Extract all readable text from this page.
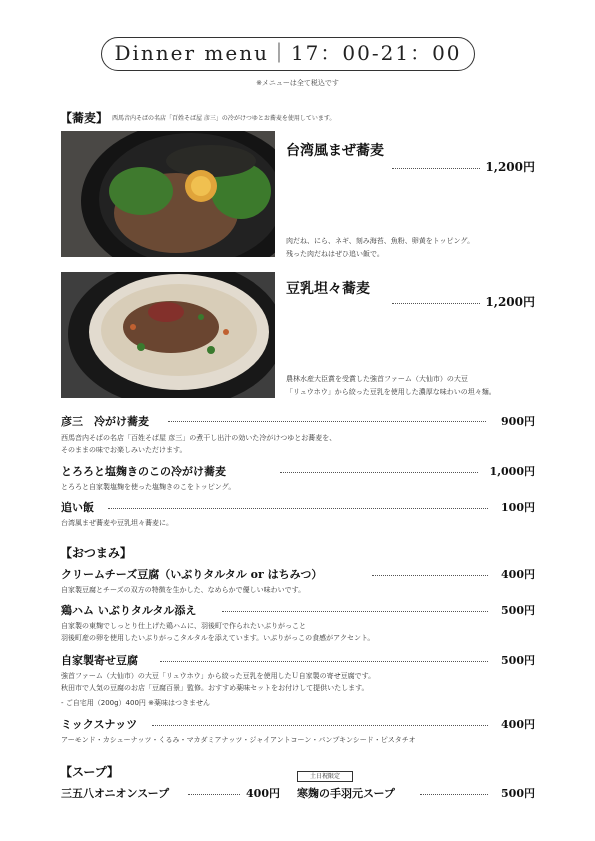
Dinner menu｜17：00-21：00
※メニューは全て税込です
【蕎麦】 西馬音内そばの名店「百姓そば屋 彦三」の冷がけつゆとお蕎麦を使用しています。
台湾風まぜ蕎麦
1,200円
肉だね、にら、ネギ、刻み海苔、魚粉、卵黄をトッピング。
残った肉だねはぜひ追い飯で。
豆乳坦々蕎麦
1,200円
農林水産大臣賞を受賞した強首ファーム（大仙市）の大豆
「リュウホウ」から絞った豆乳を使用した濃厚な味わいの坦々麺。
彦三　冷がけ蕎麦	900円
西馬音内そばの名店「百姓そば屋 彦三」の煮干し出汁の効いた冷がけつゆとお蕎麦を、
そのままの味でお楽しみいただけます。
とろろと塩麹きのこの冷がけ蕎麦	1,000円
とろろと自家製塩麹を使った塩麹きのこをトッピング。
追い飯	100円
台湾風まぜ蕎麦や豆乳坦々蕎麦に。
【おつまみ】
クリームチーズ豆腐（いぶりタルタル or はちみつ）	400円
自家製豆腐とチーズの双方の特徴を生かした、なめらかで優しい味わいです。
鶏ハム いぶりタルタル添え	500円
自家製の東麹でしっとり仕上げた鶏ハムに、羽後町で作られたいぶりがっこと
羽後町産の卵を使用したいぶりがっこタルタルを添えています。いぶりがっこの食感がアクセント。
自家製寄せ豆腐	500円
強首ファーム（大仙市）の大豆「リュウホウ」から絞った豆乳を使用したＵ自家製の寄せ豆腐です。
秋田市で人気の豆腐のお店「豆腐百景」監修。おすすめ薬味セットをお付けして提供いたします。
- ご自宅用（200g）400円 ※薬味はつきません
ミックスナッツ	400円
アーモンド・カシューナッツ・くるみ・マカダミアナッツ・ジャイアントコーン・パンプキンシード・ピスタチオ
【スープ】
三五八オニオンスープ	400円
土日祝限定
寒麹の手羽元スープ	500円
